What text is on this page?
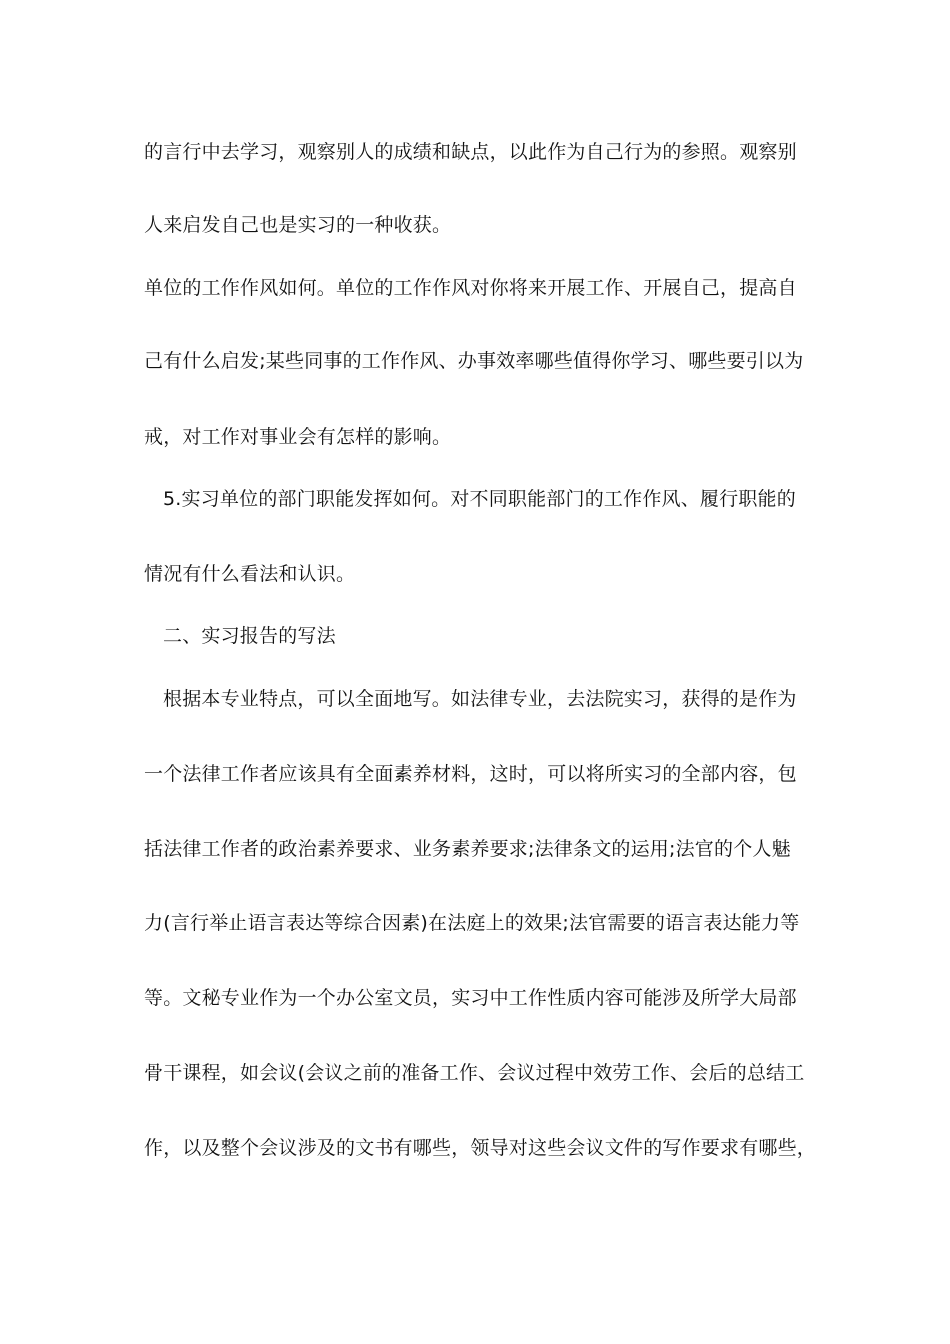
的言行中去学习，观察别人的成绩和缺点，以此作为自己行为的参照。观察别
人来启发自己也是实习的一种收获。
单位的工作作风如何。单位的工作作风对你将来开展工作、开展自己，提高自
己有什么启发;某些同事的工作作风、办事效率哪些值得你学习、哪些要引以为
戒，对工作对事业会有怎样的影响。
5.实习单位的部门职能发挥如何。对不同职能部门的工作作风、履行职能的
情况有什么看法和认识。
二、实习报告的写法
根据本专业特点，可以全面地写。如法律专业，去法院实习，获得的是作为
一个法律工作者应该具有全面素养材料，这时，可以将所实习的全部内容，包
括法律工作者的政治素养要求、业务素养要求;法律条文的运用;法官的个人魅
力(言行举止语言表达等综合因素)在法庭上的效果;法官需要的语言表达能力等
等。文秘专业作为一个办公室文员，实习中工作性质内容可能涉及所学大局部
骨干课程，如会议(会议之前的准备工作、会议过程中效劳工作、会后的总结工
作，以及整个会议涉及的文书有哪些，领导对这些会议文件的写作要求有哪些，
